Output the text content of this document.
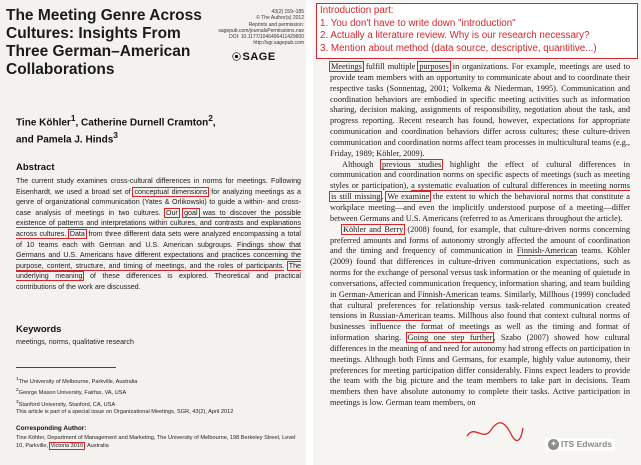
The Meeting Genre Across Cultures: Insights From Three German–American Collaborations
43(2) 159–185
© The Author(s) 2012
Reprints and permission:
sagepub.com/journalsPermissions.nav
DOI: 10.1177/1046496411429600
http://sgr.sagepub.com
⦿SAGE
Tine Köhler$^1$, Catherine Durnell Cramton$^2$,
and Pamela J. Hinds$^3$
Abstract
The current study examines cross-cultural differences in norms for meetings. Following Eisenhardt, we used a broad set of conceptual dimensions for analyzing meetings as a genre of organizational communication (Yates & Orlikowski) to guide a within- and cross-case analysis of meetings in two cultures. Our goal was to discover the possible existence of patterns and interpretations within cultures, and contrasts and explanations across cultures. Data from three different data sets were analyzed encompassing a total of 10 teams each with German and U.S. American subgroups. Findings show that Germans and U.S. Americans have different expectations and practices concerning the purpose, content, structure, and timing of meetings, and the roles of participants. The underlying meaning of these differences is explored. Theoretical and practical contributions of the work are discussed.
Keywords
meetings, norms, qualitative research
$^1$The University of Melbourne, Parkville, Australia
$^2$George Mason University, Fairfax, VA, USA
$^3$Stanford University, Stanford, CA, USA
This article is part of a special issue on Organizational Meetings, SGR, 43(2), April 2012
Corresponding Author:
Tine Köhler, Department of Management and Marketing, The University of Melbourne, 198 Berkeley Street, Level 10, Parkville, Victoria 3010, Australia
Introduction part:
1. You don't have to write down "introduction"
2. Actually a literature review. Why is our research necessary?
3. Mention about method (data source, descriptive, quantitive...)

Meetings fulfill multiple purposes in organizations. For example, meetings are used to provide team members with an opportunity to communicate about and to coordinate their respective tasks (Sonnentag, 2001; Volkema & Niederman, 1995). Communication and coordination behaviors are embodied in specific meeting activities such as information sharing, decision making, assignments of responsibility, negotiation about the task, and progress reporting. Recent research has found, however, expectations for appropriate communication and coordination behaviors differ across cultures; these culture-driven communication and coordination norms affect team processes in multicultural teams (e.g., Friday, 1989; Köhler, 2009).

Although previous studies highlight the effect of cultural differences in communication and coordination norms on specific aspects of meetings (such as meeting styles or participation), a systematic evaluation of cultural differences in meeting norms is still missing. We examine the extent to which the behavioral norms that constitute a workplace meeting—and even the implicitly understood purpose of a meeting—differ between Germans and U.S. Americans (referred to as Americans throughout the article).

Köhler and Berry (2008) found, for example, that culture-driven norms concerning preferred amounts and forms of autonomy strongly affected the amount of coordination and the timing and frequency of communication in Finnish-American teams. Köhler (2009) found that differences in culture-driven communication expectations, such as norms for the exchange of personal versus task information or the meaning of quietude in conversations, affected communication frequency, information sharing, and team building in German-American and Finnish-American teams. Similarly, Millhous (1999) concluded that cultural preferences for relationship versus task-related communication created tensions in Russian-American teams. Millhous also found that context cultural norms of businesses influence the format of meetings as well as the timing and format of information sharing. Going one step further, Szabo (2007) showed how cultural differences in the meaning of and need for autonomy had strong effects on participation in meetings. Although both Finns and Germans, for example, highly value autonomy, their preferences for meeting participation differ considerably. Finns expect leaders to provide the team with the big picture and the team members to take part in decisions. Team members then have absolute autonomy to complete their tasks. Active participation in meetings is low. German team members, on

✦ ITS Edwards
